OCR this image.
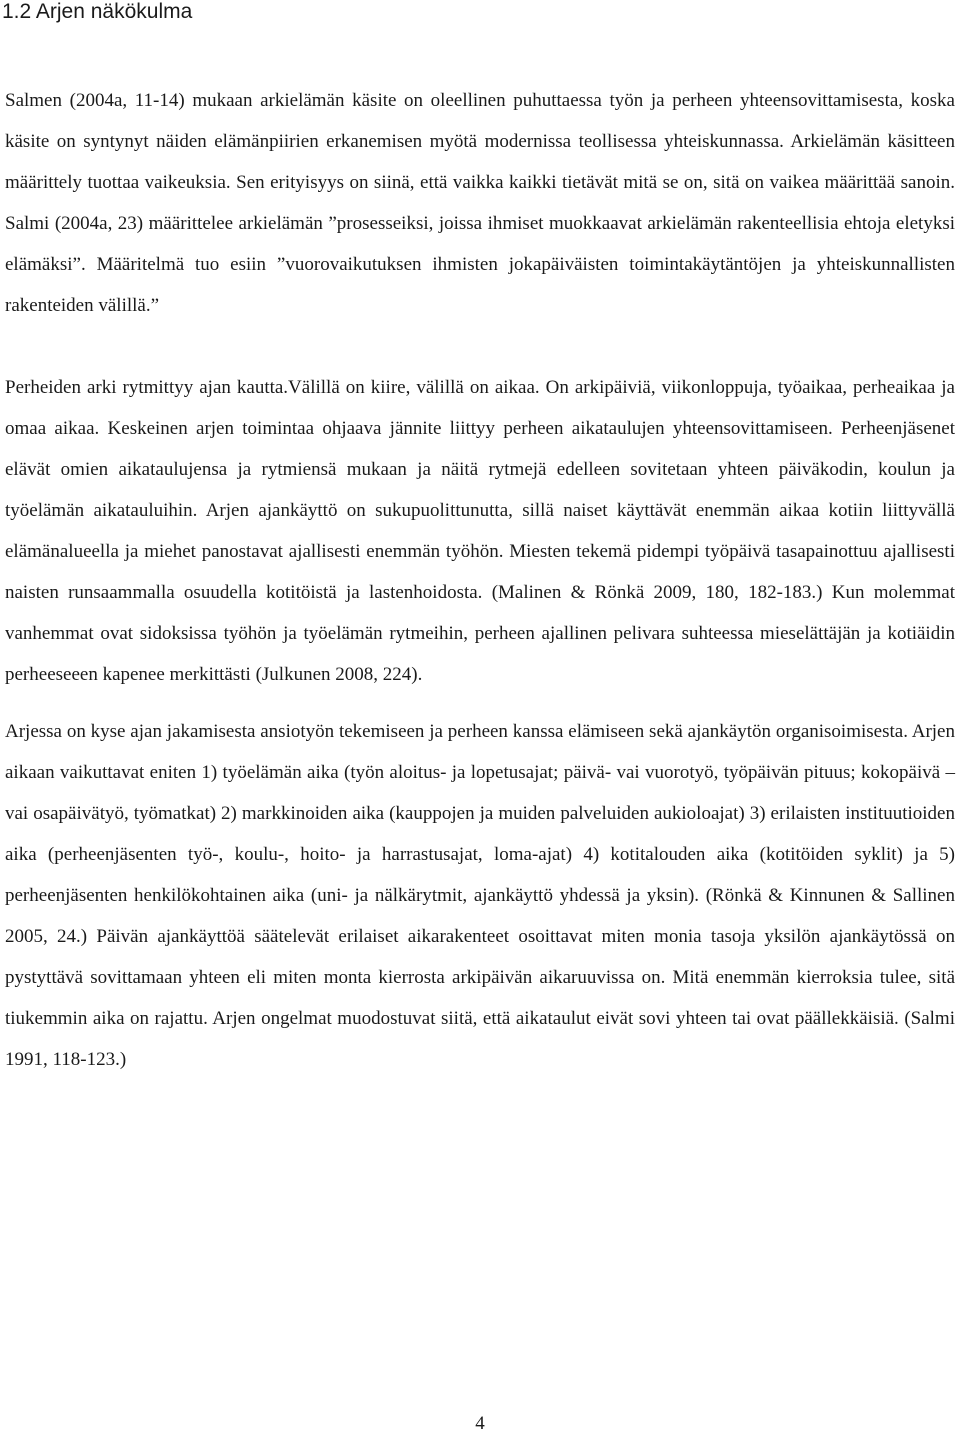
1.2 Arjen näkökulma

Salmen (2004a, 11-14) mukaan arkielämän käsite on oleellinen puhuttaessa työn ja perheen yhteensovittamisesta, koska käsite on syntynyt näiden elämänpiirien erkanemisen myötä modernissa teollisessa yhteiskunnassa. Arkielämän käsitteen määrittely tuottaa vaikeuksia. Sen erityisyys on siinä, että vaikka kaikki tietävät mitä se on, sitä on vaikea määrittää sanoin. Salmi (2004a, 23) määrittelee arkielämän ”prosesseiksi, joissa ihmiset muokkaavat arkielämän rakenteellisia ehtoja eletyksi elämäksi”. Määritelmä tuo esiin ”vuorovaikutuksen ihmisten jokapäiväisten toimintakäytäntöjen ja yhteiskunnallisten rakenteiden välillä.”

Perheiden arki rytmittyy ajan kautta.Välillä on kiire, välillä on aikaa. On arkipäiviä, viikonloppuja, työaikaa, perheaikaa ja omaa aikaa. Keskeinen arjen toimintaa ohjaava jännite liittyy perheen aikataulujen yhteensovittamiseen. Perheenjäsenet elävät omien aikataulujensa ja rytmiensä mukaan ja näitä rytmejä edelleen sovitetaan yhteen päiväkodin, koulun ja työelämän aikatauluihin. Arjen ajankäyttö on sukupuolittunutta, sillä naiset käyttävät enemmän aikaa kotiin liittyvällä elämänalueella ja miehet panostavat ajallisesti enemmän työhön. Miesten tekemä pidempi työpäivä tasapainottuu ajallisesti naisten runsaammalla osuudella kotitöistä ja lastenhoidosta. (Malinen & Rönkä 2009, 180, 182-183.) Kun molemmat vanhemmat ovat sidoksissa työhön ja työelämän rytmeihin, perheen ajallinen pelivara suhteessa mieselättäjän ja kotiäidin perheeseeen kapenee merkittästi (Julkunen 2008, 224).

Arjessa on kyse ajan jakamisesta ansiotyön tekemiseen ja perheen kanssa elämiseen sekä ajankäytön organisoimisesta. Arjen aikaan vaikuttavat eniten 1) työelämän aika (työn aloitus- ja lopetusajat; päivä- vai vuorotyö, työpäivän pituus; kokopäivä – vai osapäivätyö, työmatkat) 2) markkinoiden aika (kauppojen ja muiden palveluiden aukioloajat) 3) erilaisten instituutioiden aika (perheenjäsenten työ-, koulu-, hoito- ja harrastusajat, loma-ajat) 4) kotitalouden aika (kotitöiden syklit) ja 5) perheenjäsenten henkilökohtainen aika (uni- ja nälkärytmit, ajankäyttö yhdessä ja yksin). (Rönkä & Kinnunen & Sallinen 2005, 24.) Päivän ajankäyttöä säätelevät erilaiset aikarakenteet osoittavat miten monia tasoja yksilön ajankäytössä on pystyttävä sovittamaan yhteen eli miten monta kierrosta arkipäivän aikaruuvissa on. Mitä enemmän kierroksia tulee, sitä tiukemmin aika on rajattu. Arjen ongelmat muodostuvat siitä, että aikataulut eivät sovi yhteen tai ovat päällekkäisiä. (Salmi 1991, 118-123.)

4
